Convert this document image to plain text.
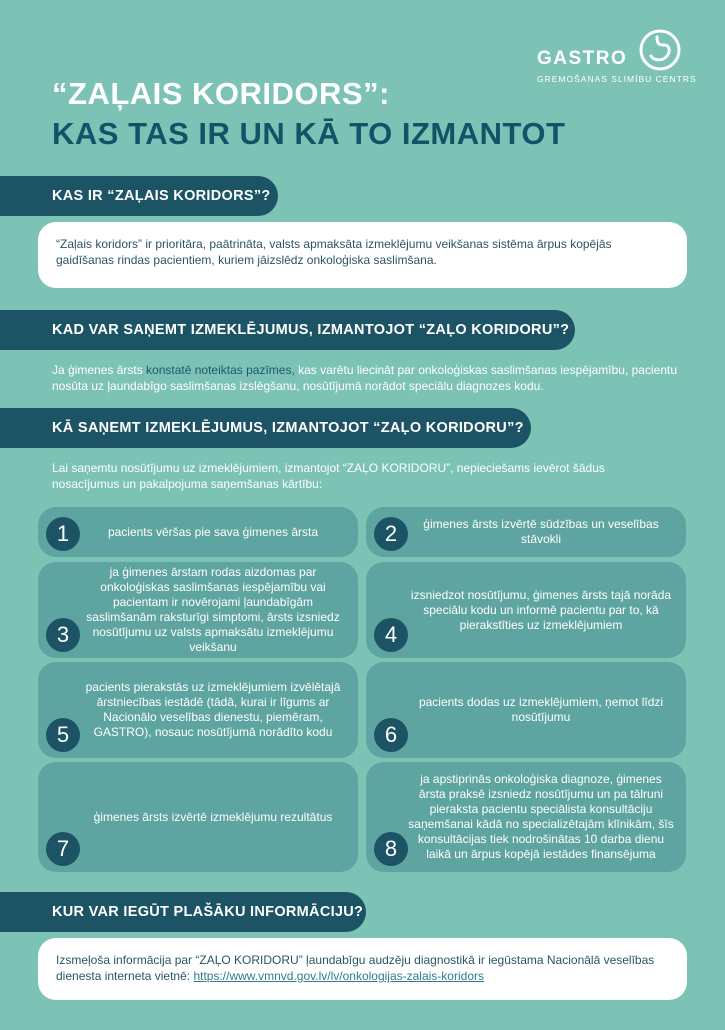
GASTRO
GREMOŠANAS SLIMĪBU CENTRS
“ZAĻAIS KORIDORS”:
KAS TAS IR UN KĀ TO IZMANTOT
KAS IR “ZAĻAIS KORIDORS”?
“Zaļais koridors” ir prioritāra, paātrināta, valsts apmaksāta izmeklējumu veikšanas sistēma ārpus kopējās gaidīšanas rindas pacientiem, kuriem jāizslēdz onkoloģiska saslimšana.
KAD VAR SAŅEMT IZMEKLĒJUMUS, IZMANTOJOT “ZAĻO KORIDORU”?
Ja ģimenes ārsts konstatē noteiktas pazīmes, kas varētu liecināt par onkoloģiskas saslimšanas iespējamību, pacientu nosūta uz ļaundabīgo saslimšanas izslēgšanu, nosūtījumā norādot speciālu diagnozes kodu.
KĀ SAŅEMT IZMEKLĒJUMUS, IZMANTOJOT “ZAĻO KORIDORU”?
Lai saņemtu nosūtījumu uz izmeklējumiem, izmantojot “ZAĻO KORIDORU”, nepieciešams ievērot šādus nosacījumus un pakalpojuma saņemšanas kārtību:
1	pacients vēršas pie sava ģimenes ārsta	2	ģimenes ārsts izvērtē sūdzības un veselības stāvokli
3
ja ģimenes ārstam rodas aizdomas par onkoloģiskas saslimšanas iespējamību vai pacientam ir novērojami ļaundabīgām saslimšanām raksturīgi simptomi, ārsts izsniedz nosūtījumu uz valsts apmaksātu izmeklējumu veikšanu	4
izsniedzot nosūtījumu, ģimenes ārsts tajā norāda speciālu kodu un informē pacientu par to, kā pierakstīties uz izmeklējumiem
5
pacients pierakstās uz izmeklējumiem izvēlētajā ārstniecības iestādē (tādā, kurai ir līgums ar Nacionālo veselības dienestu, piemēram, GASTRO), nosauc nosūtījumā norādīto kodu	6
pacients dodas uz izmeklējumiem, ņemot līdzi nosūtījumu
7
ģimenes ārsts izvērtē izmeklējumu rezultātus
8
ja apstiprinās onkoloģiska diagnoze, ģimenes ārsta praksē izsniedz nosūtījumu un pa tālruni pieraksta pacientu speciālista konsultāciju saņemšanai kādā no specializētajām klīnikām, šīs konsultācijas tiek nodrošinātas 10 darba dienu laikā un ārpus kopējā iestādes finansējuma
KUR VAR IEGŪT PLAŠĀKU INFORMĀCIJU?
Izsmeļoša informācija par “ZAĻO KORIDORU” ļaundabīgu audzēju diagnostikā ir iegūstama Nacionālā veselības dienesta interneta vietnē: https://www.vmnvd.gov.lv/lv/onkologijas-zalais-koridors
